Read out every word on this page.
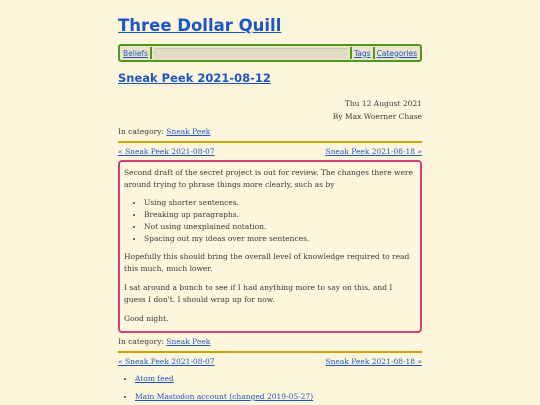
Three Dollar Quill
Beliefs	Tags Categories
Sneak Peek 2021-08-12
Thu 12 August 2021
By Max Woerner Chase
In category: Sneak Peek
« Sneak Peek 2021-08-07	Sneak Peek 2021-08-18 »

Second draft of the secret project is out for review. The changes there were around trying to phrase things more clearly, such as by

• Using shorter sentences.
• Breaking up paragraphs.
• Not using unexplained notation.
• Spacing out my ideas over more sentences.

Hopefully this should bring the overall level of knowledge required to read this much, much lower.

I sat around a bunch to see if I had anything more to say on this, and I guess I don't. I should wrap up for now.

Good night.

In category: Sneak Peek
« Sneak Peek 2021-08-07	Sneak Peek 2021-08-18 »
• Atom feed
• Main Mastodon account (changed 2019-05-27)
